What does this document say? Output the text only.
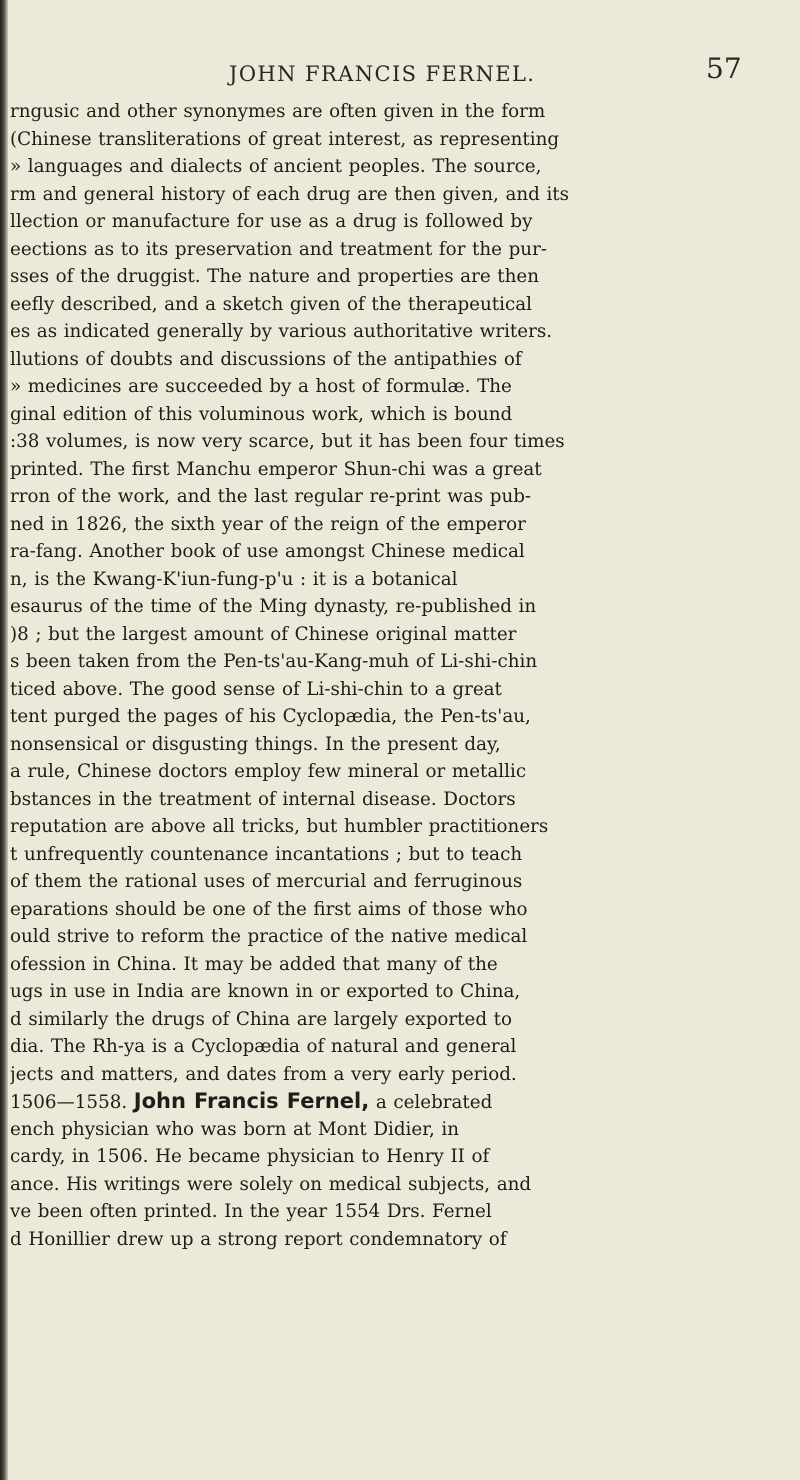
JOHN FRANCIS FERNEL.	57
rngusic and other synonymes are often given in the form
(Chinese transliterations of great interest, as representing
» languages and dialects of ancient peoples. The source,
rm and general history of each drug are then given, and its
llection or manufacture for use as a drug is followed by
eections as to its preservation and treatment for the pur-
sses of the druggist. The nature and properties are then
eefly described, and a sketch given of the therapeutical
es as indicated generally by various authoritative writers.
llutions of doubts and discussions of the antipathies of
» medicines are succeeded by a host of formulæ. The
ginal edition of this voluminous work, which is bound
:38 volumes, is now very scarce, but it has been four times
printed. The first Manchu emperor Shun-chi was a great
rron of the work, and the last regular re-print was pub-
ned in 1826, the sixth year of the reign of the emperor
ra-fang. Another book of use amongst Chinese medical
n, is the Kwang-K'iun-fung-p'u : it is a botanical
esaurus of the time of the Ming dynasty, re-published in
)8 ; but the largest amount of Chinese original matter
s been taken from the Pen-ts'au-Kang-muh of Li-shi-chin
ticed above. The good sense of Li-shi-chin to a great
tent purged the pages of his Cyclopædia, the Pen-ts'au,
nonsensical or disgusting things. In the present day,
a rule, Chinese doctors employ few mineral or metallic
bstances in the treatment of internal disease. Doctors
reputation are above all tricks, but humbler practitioners
t unfrequently countenance incantations ; but to teach
of them the rational uses of mercurial and ferruginous
eparations should be one of the first aims of those who
ould strive to reform the practice of the native medical
ofession in China. It may be added that many of the
ugs in use in India are known in or exported to China,
d similarly the drugs of China are largely exported to
dia. The Rh-ya is a Cyclopædia of natural and general
jects and matters, and dates from a very early period.
1506—1558. John Francis Fernel, a celebrated
ench physician who was born at Mont Didier, in
cardy, in 1506. He became physician to Henry II of
ance. His writings were solely on medical subjects, and
ve been often printed. In the year 1554 Drs. Fernel
d Honillier drew up a strong report condemnatory of
